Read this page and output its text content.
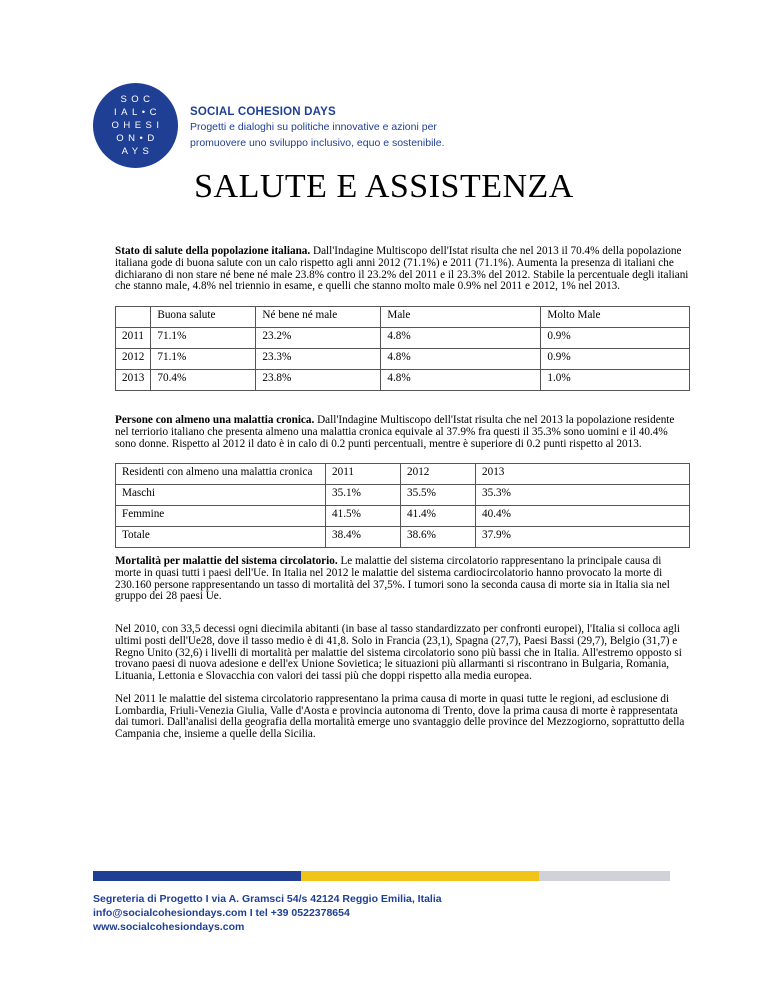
SOC
IAL•C
OHESI
ON•D
AYS
SOCIAL COHESION DAYS
Progetti e dialoghi su politiche innovative e azioni per
promuovere uno sviluppo inclusivo, equo e sostenibile.
SALUTE E ASSISTENZA

Stato di salute della popolazione italiana. Dall'Indagine Multiscopo dell'Istat risulta che nel 2013 il 70.4% della popolazione italiana gode di buona salute con un calo rispetto agli anni 2012 (71.1%) e 2011 (71.1%). Aumenta la presenza di italiani che dichiarano di non stare né bene né male 23.8% contro il 23.2% del 2011 e il 23.3% del 2012. Stabile la percentuale degli italiani che stanno male, 4.8% nel triennio in esame, e quelli che stanno molto male 0.9% nel 2011 e 2012, 1% nel 2013.

	Buona salute	Né bene né male	Male	Molto Male
2011	71.1%	23.2%	4.8%	0.9%
2012	71.1%	23.3%	4.8%	0.9%
2013	70.4%	23.8%	4.8%	1.0%

Persone con almeno una malattia cronica. Dall'Indagine Multiscopo dell'Istat risulta che nel 2013 la popolazione residente nel terriorio italiano che presenta almeno una malattia cronica equivale al 37.9% fra questi il 35.3% sono uomini e il 40.4% sono donne. Rispetto al 2012 il dato è in calo di 0.2 punti percentuali, mentre è superiore di 0.2 punti rispetto al 2013.

Residenti con almeno una malattia cronica	2011	2012	2013
Maschi	35.1%	35.5%	35.3%
Femmine	41.5%	41.4%	40.4%
Totale	38.4%	38.6%	37.9%

Mortalità per malattie del sistema circolatorio. Le malattie del sistema circolatorio rappresentano la principale causa di morte in quasi tutti i paesi dell'Ue. In Italia nel 2012 le malattie del sistema cardiocircolatorio hanno provocato la morte di 230.160 persone rappresentando un tasso di mortalità del 37,5%. I tumori sono la seconda causa di morte sia in Italia sia nel gruppo dei 28 paesi Ue.

Nel 2010, con 33,5 decessi ogni diecimila abitanti (in base al tasso standardizzato per confronti europei), l'Italia si colloca agli ultimi posti dell'Ue28, dove il tasso medio è di 41,8. Solo in Francia (23,1), Spagna (27,7), Paesi Bassi (29,7), Belgio (31,7) e Regno Unito (32,6) i livelli di mortalità per malattie del sistema circolatorio sono più bassi che in Italia. All'estremo opposto si trovano paesi di nuova adesione e dell'ex Unione Sovietica; le situazioni più allarmanti si riscontrano in Bulgaria, Romania, Lituania, Lettonia e Slovacchia con valori dei tassi più che doppi rispetto alla media europea.

Nel 2011 le malattie del sistema circolatorio rappresentano la prima causa di morte in quasi tutte le regioni, ad esclusione di Lombardia, Friuli-Venezia Giulia, Valle d'Aosta e provincia autonoma di Trento, dove la prima causa di morte è rappresentata dai tumori. Dall'analisi della geografia della mortalità emerge uno svantaggio delle province del Mezzogiorno, soprattutto della Campania che, insieme a quelle della Sicilia.

Segreteria di Progetto I via A. Gramsci 54/s 42124 Reggio Emilia, Italia
info@socialcohesiondays.com I tel +39 0522378654
www.socialcohesiondays.com
